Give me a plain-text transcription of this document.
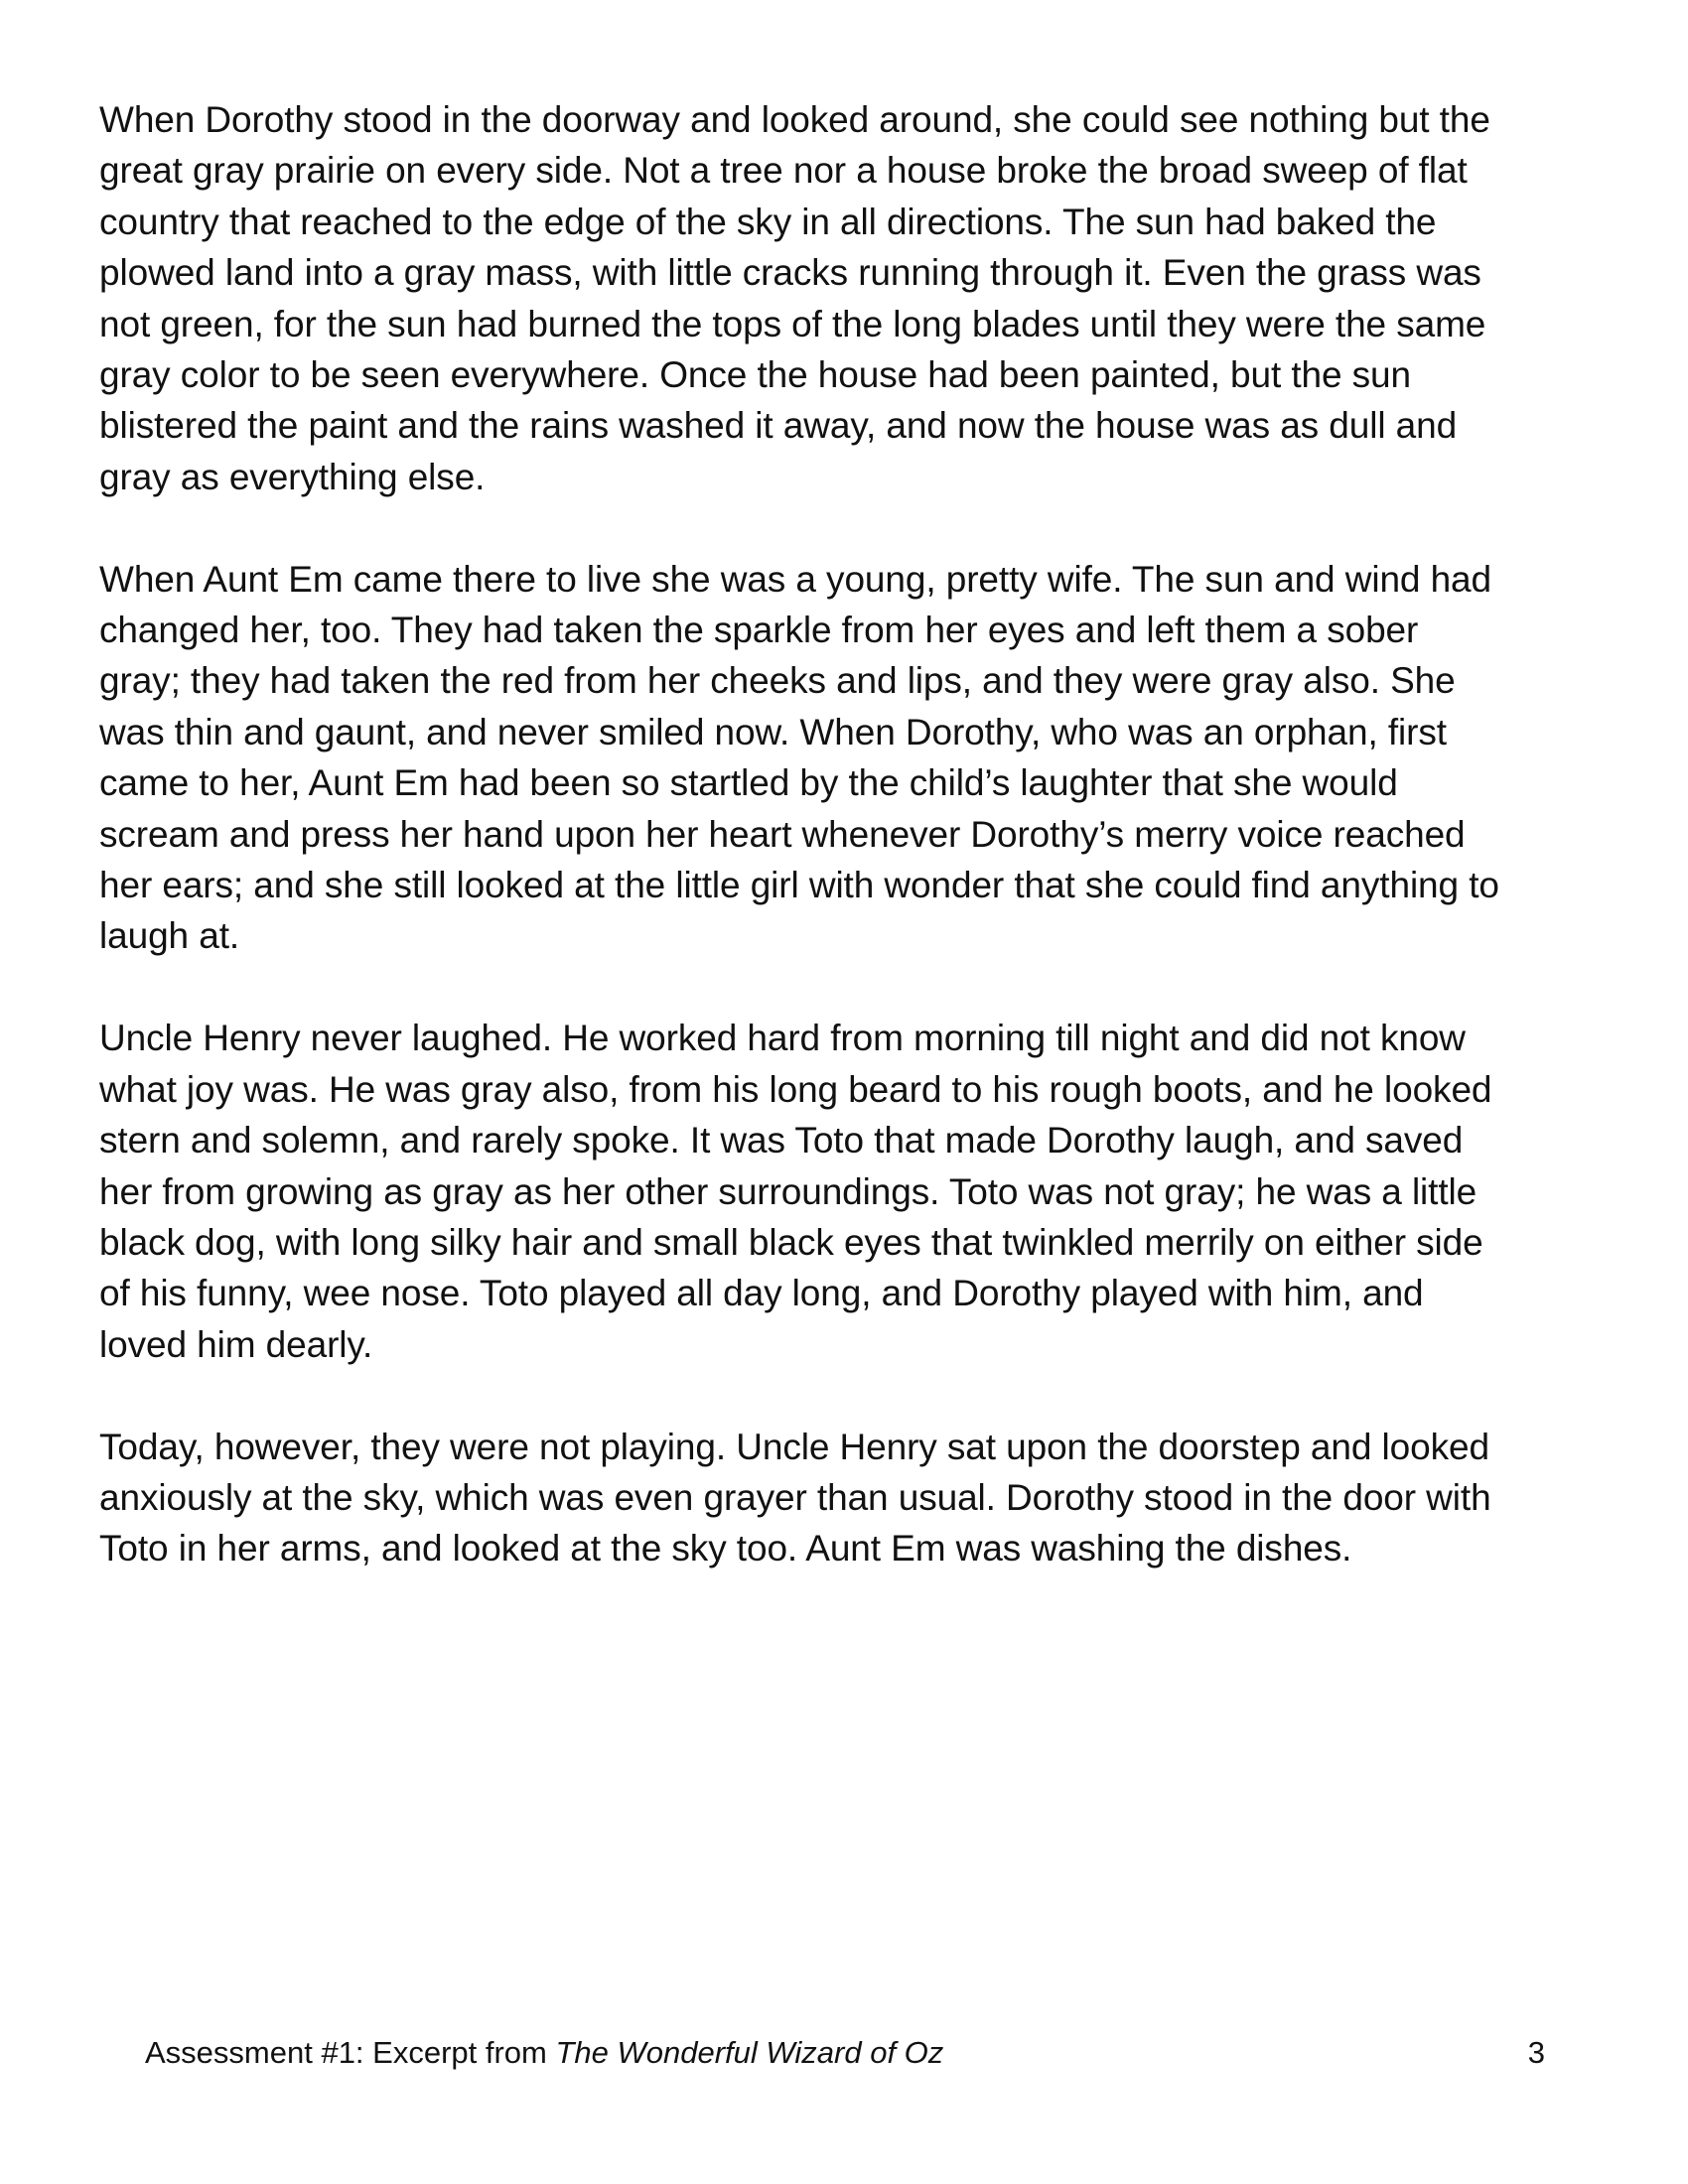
When Dorothy stood in the doorway and looked around, she could see nothing but the
great gray prairie on every side. Not a tree nor a house broke the broad sweep of flat
country that reached to the edge of the sky in all directions. The sun had baked the
plowed land into a gray mass, with little cracks running through it. Even the grass was
not green, for the sun had burned the tops of the long blades until they were the same
gray color to be seen everywhere. Once the house had been painted, but the sun
blistered the paint and the rains washed it away, and now the house was as dull and
gray as everything else.

When Aunt Em came there to live she was a young, pretty wife. The sun and wind had
changed her, too. They had taken the sparkle from her eyes and left them a sober
gray; they had taken the red from her cheeks and lips, and they were gray also. She
was thin and gaunt, and never smiled now. When Dorothy, who was an orphan, first
came to her, Aunt Em had been so startled by the child’s laughter that she would
scream and press her hand upon her heart whenever Dorothy’s merry voice reached
her ears; and she still looked at the little girl with wonder that she could find anything to
laugh at.

Uncle Henry never laughed. He worked hard from morning till night and did not know
what joy was. He was gray also, from his long beard to his rough boots, and he looked
stern and solemn, and rarely spoke. It was Toto that made Dorothy laugh, and saved
her from growing as gray as her other surroundings. Toto was not gray; he was a little
black dog, with long silky hair and small black eyes that twinkled merrily on either side
of his funny, wee nose. Toto played all day long, and Dorothy played with him, and
loved him dearly.

Today, however, they were not playing. Uncle Henry sat upon the doorstep and looked
anxiously at the sky, which was even grayer than usual. Dorothy stood in the door with
Toto in her arms, and looked at the sky too. Aunt Em was washing the dishes.

Assessment #1: Excerpt from The Wonderful Wizard of Oz	3
